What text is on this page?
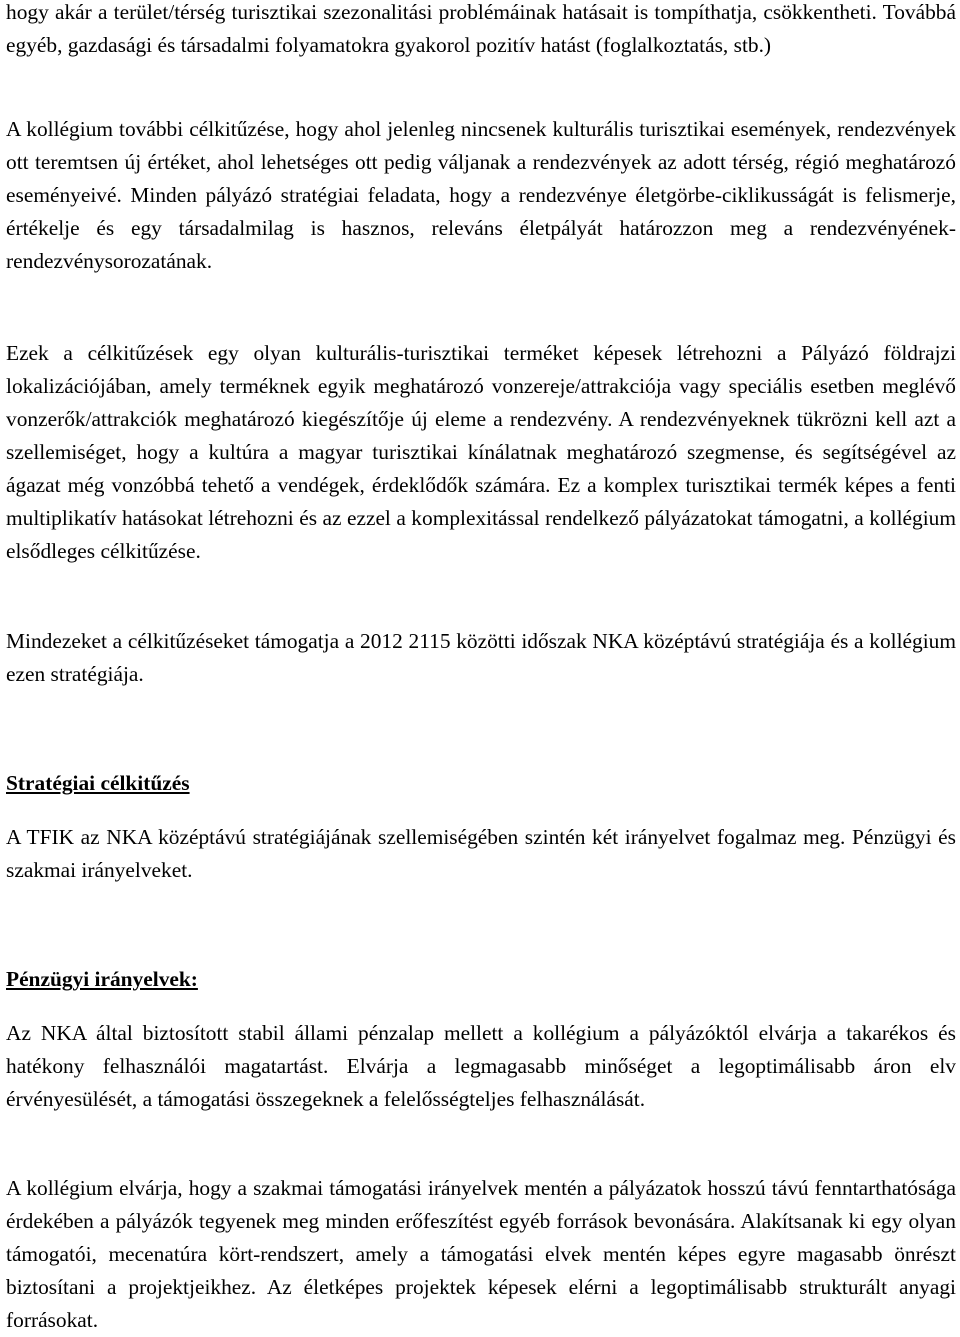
hogy akár a terület/térség turisztikai szezonalitási problémáinak hatásait is tompíthatja, csökkentheti. Továbbá egyéb, gazdasági és társadalmi folyamatokra gyakorol pozitív hatást (foglalkoztatás, stb.)

A kollégium további célkitűzése, hogy ahol jelenleg nincsenek kulturális turisztikai események, rendezvények ott teremtsen új értéket, ahol lehetséges ott pedig váljanak a rendezvények az adott térség, régió meghatározó eseményeivé. Minden pályázó stratégiai feladata, hogy a rendezvénye életgörbe-ciklikusságát is felismerje, értékelje és egy társadalmilag is hasznos, releváns életpályát határozzon meg a rendezvényének-rendezvénysorozatának.

Ezek a célkitűzések egy olyan kulturális-turisztikai terméket képesek létrehozni a Pályázó földrajzi lokalizációjában, amely terméknek egyik meghatározó vonzereje/attrakciója vagy speciális esetben meglévő vonzerők/attrakciók meghatározó kiegészítője új eleme a rendezvény. A rendezvényeknek tükrözni kell azt a szellemiséget, hogy a kultúra a magyar turisztikai kínálatnak meghatározó szegmense, és segítségével az ágazat még vonzóbbá tehető a vendégek, érdeklődők számára. Ez a komplex turisztikai termék képes a fenti multiplikatív hatásokat létrehozni és az ezzel a komplexitással rendelkező pályázatokat támogatni, a kollégium elsődleges célkitűzése.

Mindezeket a célkitűzéseket támogatja a 2012 2115 közötti időszak NKA középtávú stratégiája és a kollégium ezen stratégiája.

Stratégiai célkitűzés

A TFIK az NKA középtávú stratégiájának szellemiségében szintén két irányelvet fogalmaz meg. Pénzügyi és szakmai irányelveket.

Pénzügyi irányelvek:

Az NKA által biztosított stabil állami pénzalap mellett a kollégium a pályázóktól elvárja a takarékos és hatékony felhasználói magatartást. Elvárja a legmagasabb minőséget a legoptimálisabb áron elv érvényesülését, a támogatási összegeknek a felelősségteljes felhasználását.

A kollégium elvárja, hogy a szakmai támogatási irányelvek mentén a pályázatok hosszú távú fenntarthatósága érdekében a pályázók tegyenek meg minden erőfeszítést egyéb források bevonására. Alakítsanak ki egy olyan támogatói, mecenatúra kört-rendszert, amely a támogatási elvek mentén képes egyre magasabb önrészt biztosítani a projektjeikhez. Az életképes projektek képesek elérni a legoptimálisabb strukturált anyagi forrásokat.
